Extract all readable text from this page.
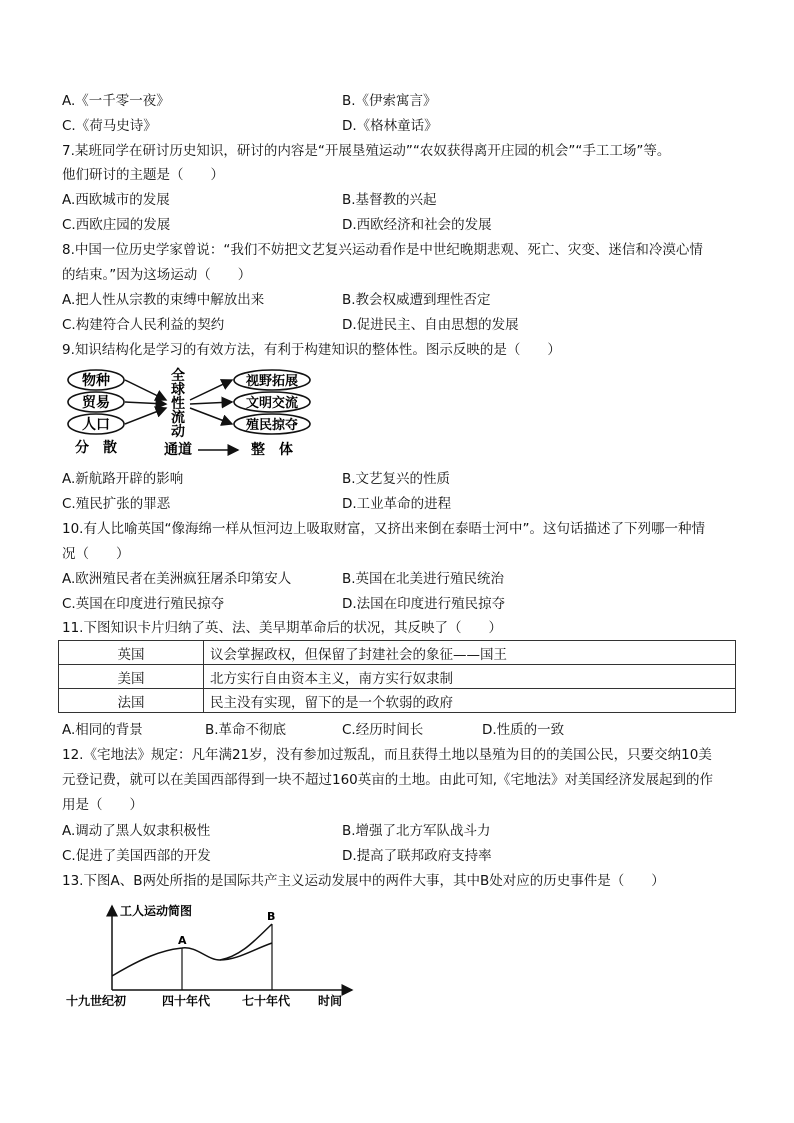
A.《一千零一夜》	B.《伊索寓言》
C.《荷马史诗》	D.《格林童话》
7.某班同学在研讨历史知识，研讨的内容是“开展垦殖运动”“农奴获得离开庄园的机会”“手工工场”等。
他们研讨的主题是（　　）
A.西欧城市的发展	B.基督教的兴起
C.西欧庄园的发展	D.西欧经济和社会的发展
8.中国一位历史学家曾说：“我们不妨把文艺复兴运动看作是中世纪晚期悲观、死亡、灾变、迷信和冷漠心情
的结束。”因为这场运动（　　）
A.把人性从宗教的束缚中解放出来	B.教会权威遭到理性否定
C.构建符合人民利益的契约	D.促进民主、自由思想的发展
9.知识结构化是学习的有效方法，有利于构建知识的整体性。图示反映的是（　　）
物种
贸易
人口
全
球
性
流
动
视野拓展
文明交流
殖民掠夺
分　散	通道	整　体
A.新航路开辟的影响	B.文艺复兴的性质
C.殖民扩张的罪恶	D.工业革命的进程
10.有人比喻英国“像海绵一样从恒河边上吸取财富，又挤出来倒在泰晤士河中”。这句话描述了下列哪一种情
况（　　）
A.欧洲殖民者在美洲疯狂屠杀印第安人	B.英国在北美进行殖民统治
C.英国在印度进行殖民掠夺	D.法国在印度进行殖民掠夺
11.下图知识卡片归纳了英、法、美早期革命后的状况，其反映了（　　）
英国	议会掌握政权，但保留了封建社会的象征——国王
美国	北方实行自由资本主义，南方实行奴隶制
法国	民主没有实现，留下的是一个软弱的政府
A.相同的背景	B.革命不彻底	C.经历时间长	D.性质的一致
12.《宅地法》规定：凡年满21岁，没有参加过叛乱，而且获得土地以垦殖为目的的美国公民，只要交纳10美
元登记费，就可以在美国西部得到一块不超过160英亩的土地。由此可知,《宅地法》对美国经济发展起到的作
用是（　　）
A.调动了黑人奴隶积极性	B.增强了北方军队战斗力
C.促进了美国西部的开发	D.提高了联邦政府支持率
13.下图A、B两处所指的是国际共产主义运动发展中的两件大事，其中B处对应的历史事件是（　　）
工人运动简图
A
B
十九世纪初	四十年代	七十年代 时间
